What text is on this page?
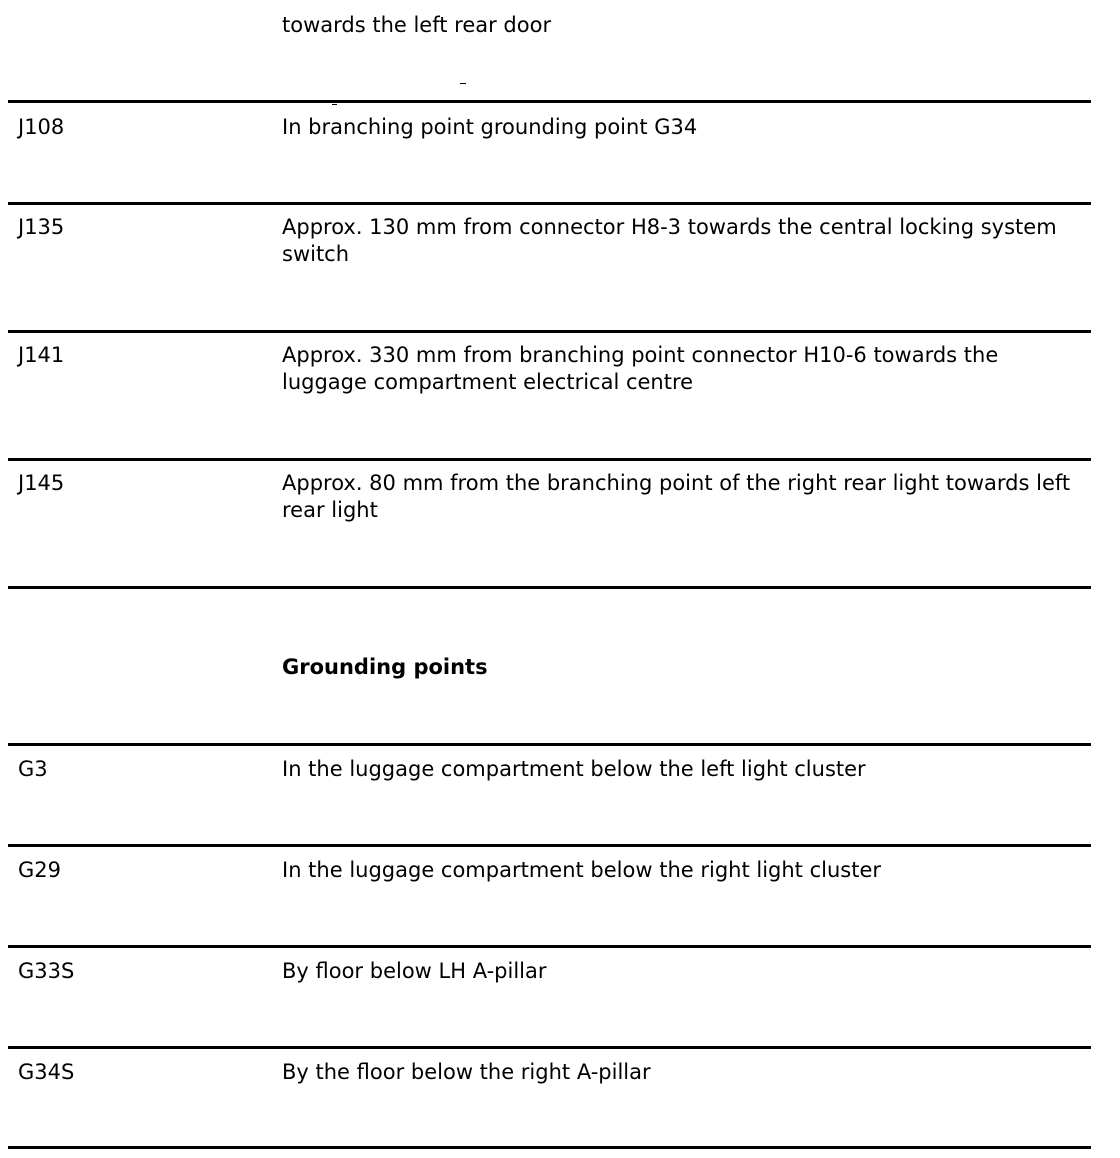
towards the left rear door
J108	In branching point grounding point G34
J135	Approx. 130 mm from connector H8-3 towards the central locking system switch
J141	Approx. 330 mm from branching point connector H10-6 towards the luggage compartment electrical centre
J145	Approx. 80 mm from the branching point of the right rear light towards left rear light
Grounding points
G3	In the luggage compartment below the left light cluster
G29	In the luggage compartment below the right light cluster
G33S	By floor below LH A-pillar
G34S	By the floor below the right A-pillar
